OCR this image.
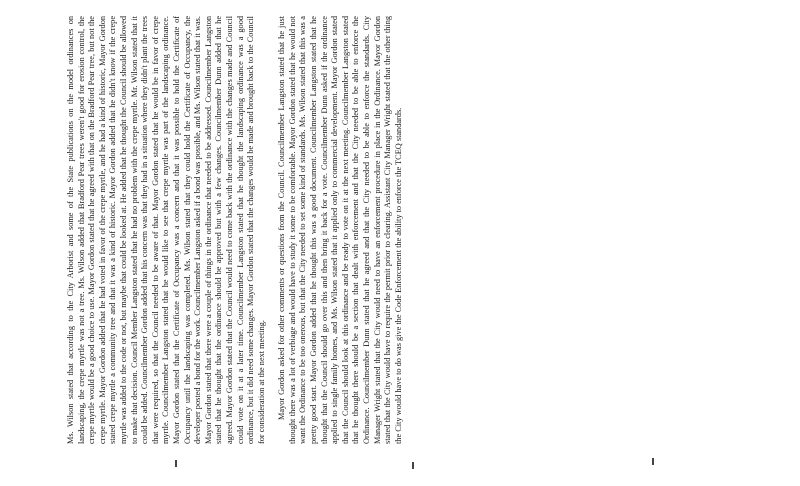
Ms. Wilson stated that according to the City Arborist and some of the State publications on the model ordinances on landscaping, the crepe myrtle was not a tree. Ms. Wilson added that Bradford Pear trees weren't good for erosion control, the crepe myrtle would be a good choice to use. Mayor Gordon stated that he agreed with that on the Bradford Pear tree, but not the crepe myrtle. Mayor Gordon added that he had voted in favor of the crepe myrtle, and he had a kind of historic, Mayor Gordon stated crepe myrtle a community tree and that it was a kind of historic. Mayor Gordon added that he didn't know if the crepe myrtle was added to the code or not, but maybe that could be looked at. He added that he thought the Council should be allowed to make that decision. Council Member Langston stated that he had no problem with the crepe myrtle. Mr. Wilson stated that it could be added. Councilmember Gordon added that his concern was that they had in a situation where they didn't plant the trees that were required, so that the Council needed to be aware of that. Mayor Gordon stated that he would be in favor of crepe myrtle. Councilmember Langston stated that he would like to see that crepe myrtle was part of the landscaping ordinance. Mayor Gordon stated that the Certificate of Occupancy was a concern and that it was possible to hold the Certificate of Occupancy until the landscaping was completed. Ms. Wilson stated that they could hold the Certificate of Occupancy, the developer posted a bond for the work. Councilmember Langston asked if a bond was possible, and Ms. Wilson stated that it was. Mayor Gordon stated that there were a couple of things in the ordinance that needed to be addressed. Councilmember Langston stated that he thought that the ordinance should be approved but with a few changes. Councilmember Dunn added that he agreed. Mayor Gordon stated that the Council would need to come back with the ordinance with the changes made and Council could vote on it at a later time. Councilmember Langston stated that he thought the landscaping ordinance was a good ordinance, but it did need some changes. Mayor Gordon stated that the changes would be made and brought back to the Council for consideration at the next meeting. Mayor Gordon asked for other comments or questions from the Council. Councilmember Langston stated that he just thought there was a lot of verbiage and would have to study it some to be comfortable. Mayor Gordon stated that he would not want the Ordinance to be too onerous, but that the City needed to set some kind of standards. Ms. Wilson stated that this was a pretty good start. Mayor Gordon added that he thought this was a good document. Councilmember Langston stated that he thought that the Council should go over this and then bring it back for a vote. Councilmember Dunn asked if the ordinance applied to single family homes, and Ms. Wilson stated that it applied only to commercial development. Mayor Gordon stated that the Council should look at this ordinance and be ready to vote on it at the next meeting. Councilmember Langston stated that he thought there should be a section that dealt with enforcement and that the City needed to be able to enforce the Ordinance. Councilmember Dunn stated that he agreed and that the City needed to be able to enforce the standards. City Manager Wright stated that the City would need to have an enforcement procedure in place in the Ordinance. Mayor Gordon stated that the City would have to require the permit prior to clearing. Assistant City Manager Wright stated that the other thing the City would have to do was give the Code Enforcement the ability to enforce the TCEQ standards.
